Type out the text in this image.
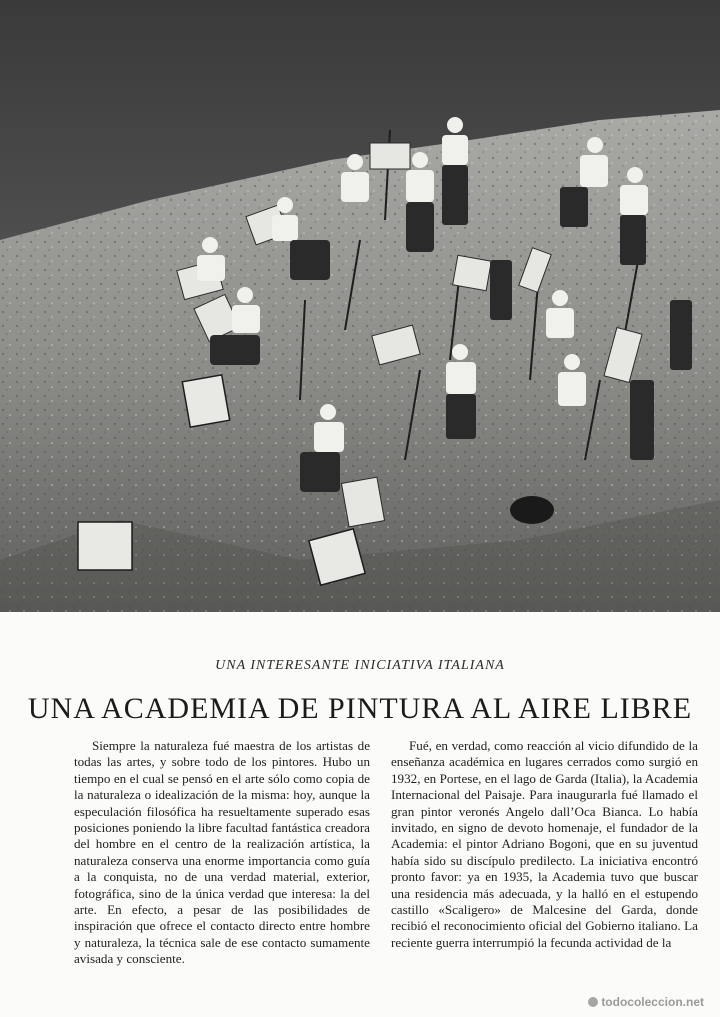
UNA INTERESANTE INICIATIVA ITALIANA
UNA ACADEMIA DE PINTURA AL AIRE LIBRE
Siempre la naturaleza fué maestra de los artistas de todas las artes, y sobre todo de los pintores. Hubo un tiempo en el cual se pensó en el arte sólo como copia de la naturaleza o idealización de la misma: hoy, aunque la especulación filosófica ha resueltamente superado esas posiciones poniendo la libre facultad fantástica creadora del hombre en el centro de la realización artística, la naturaleza conserva una enorme importancia como guía a la conquista, no de una verdad material, exterior, fotográfica, sino de la única verdad que interesa: la del arte. En efecto, a pesar de las posibilidades de inspiración que ofrece el contacto directo entre hombre y naturaleza, la técnica sale de ese contacto sumamente avisada y consciente.
Fué, en verdad, como reacción al vicio difundido de la enseñanza académica en lugares cerrados como surgió en 1932, en Portese, en el lago de Garda (Italia), la Academia Internacional del Paisaje. Para inaugurarla fué llamado el gran pintor veronés Angelo dall’Oca Bianca. Lo había invitado, en signo de devoto homenaje, el fundador de la Academia: el pintor Adriano Bogoni, que en su juventud había sido su discípulo predilecto. La iniciativa encontró pronto favor: ya en 1935, la Academia tuvo que buscar una residencia más adecuada, y la halló en el estupendo castillo «Scaligero» de Malcesine del Garda, donde recibió el reconocimiento oficial del Gobierno italiano. La reciente guerra interrumpió la fecunda actividad de la
todocoleccion.net
